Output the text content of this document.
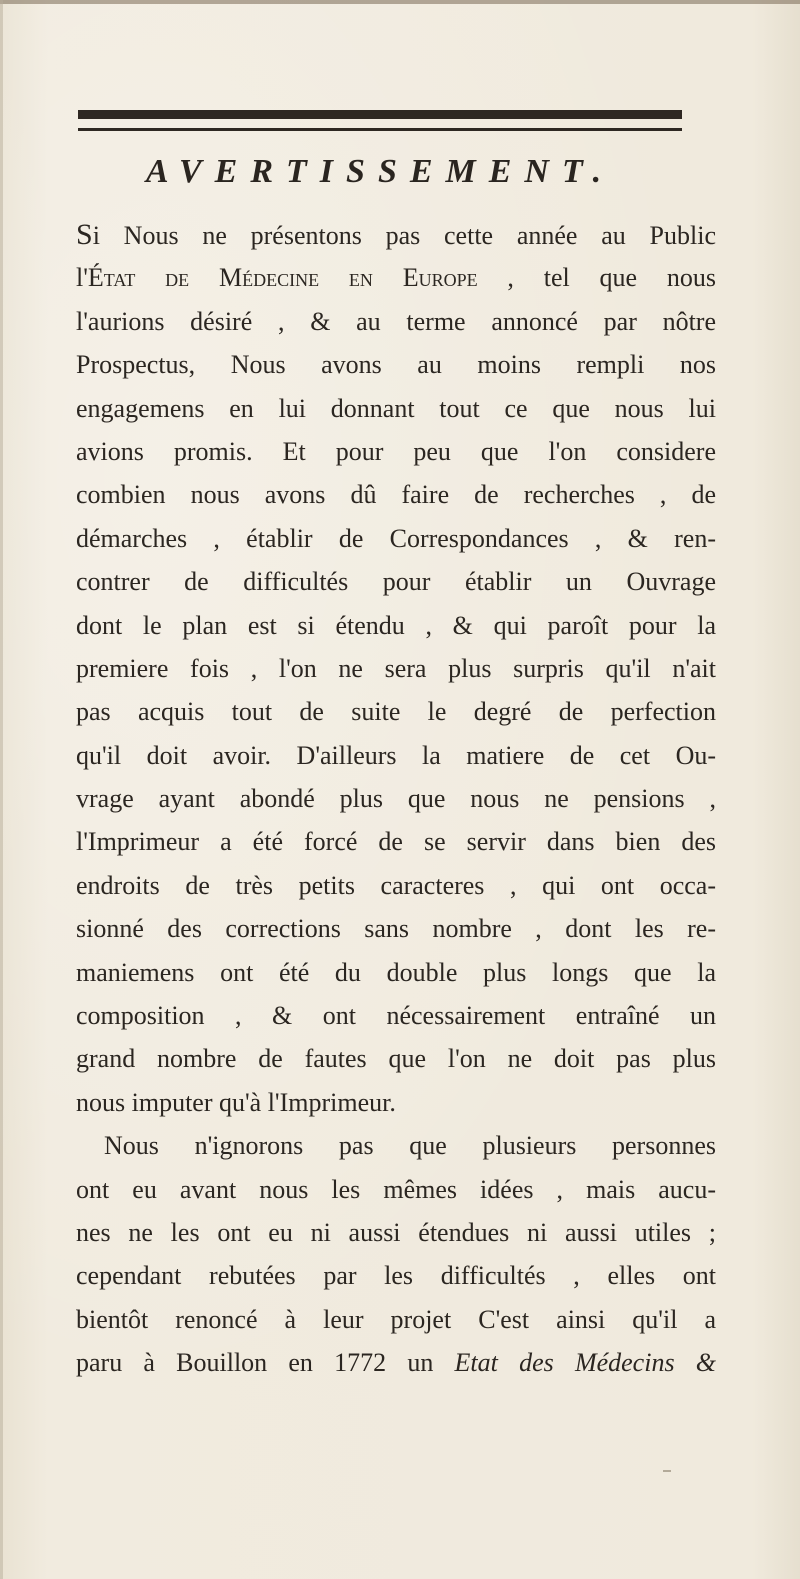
AVERTISSEMENT.
Si Nous ne présentons pas cette année au Public
l'État de Médecine en Europe , tel que nous
l'aurions désiré , & au terme annoncé par nôtre
Prospectus, Nous avons au moins rempli nos
engagemens en lui donnant tout ce que nous lui
avions promis. Et pour peu que l'on considere
combien nous avons dû faire de recherches , de
démarches , établir de Correspondances , & ren-
contrer de difficultés pour établir un Ouvrage
dont le plan est si étendu , & qui paroît pour la
premiere fois , l'on ne sera plus surpris qu'il n'ait
pas acquis tout de suite le degré de perfection
qu'il doit avoir. D'ailleurs la matiere de cet Ou-
vrage ayant abondé plus que nous ne pensions ,
l'Imprimeur a été forcé de se servir dans bien des
endroits de très petits caracteres , qui ont occa-
sionné des corrections sans nombre , dont les re-
maniemens ont été du double plus longs que la
composition , & ont nécessairement entraîné un
grand nombre de fautes que l'on ne doit pas plus
nous imputer qu'à l'Imprimeur.
Nous n'ignorons pas que plusieurs personnes
ont eu avant nous les mêmes idées , mais aucu-
nes ne les ont eu ni aussi étendues ni aussi utiles ;
cependant rebutées par les difficultés , elles ont
bientôt renoncé à leur projet C'est ainsi qu'il a
paru à Bouillon en 1772 un Etat des Médecins &
